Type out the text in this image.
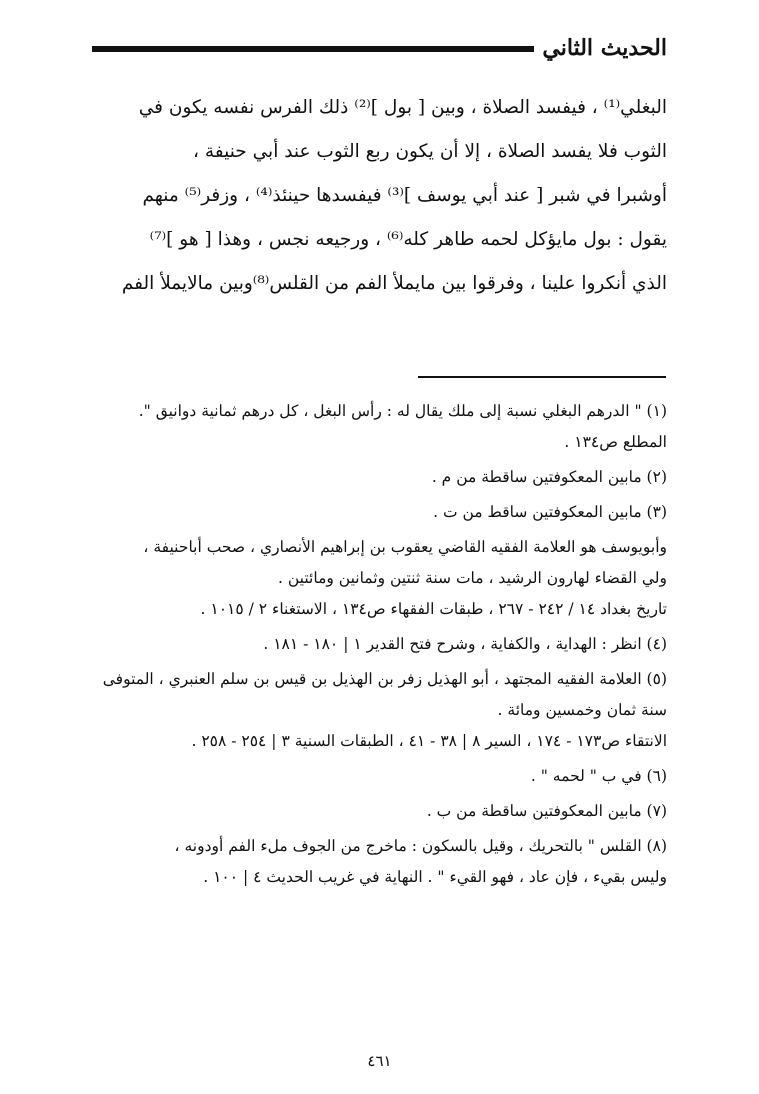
الحديث الثاني
البغلي⁽¹⁾ ، فيفسد الصلاة ، وبين [ بول ]⁽²⁾ ذلك الفرس نفسه يكون في
الثوب فلا يفسد الصلاة ، إلا أن يكون ربع الثوب عند أبي حنيفة ،
أوشبرا في شبر [ عند أبي يوسف ]⁽³⁾ فيفسدها حينئذ⁽⁴⁾ ، وزفر⁽⁵⁾ منهم
يقول : بول مايؤكل لحمه طاهر كله⁽⁶⁾ ، ورجيعه نجس ، وهذا [ هو ]⁽⁷⁾
الذي أنكروا علينا ، وفرقوا بين مايملأ الفم من القلس⁽⁸⁾وبين مالايملأ الفم
(١) " الدرهم البغلي نسبة إلى ملك يقال له : رأس البغل ، كل درهم ثمانية دوانيق ".
المطلع ص١٣٤ .
(٢) مابين المعكوفتين ساقطة من م .
(٣) مابين المعكوفتين ساقط من ت .
وأبويوسف هو العلامة الفقيه القاضي يعقوب بن إبراهيم الأنصاري ، صحب أباحنيفة ،
ولي القضاء لهارون الرشيد ، مات سنة ثنتين وثمانين ومائتين .
تاريخ بغداد ١٤ / ٢٤٢ - ٢٦٧ ، طبقات الفقهاء ص١٣٤ ، الاستغناء ٢ / ١٠١٥ .
(٤) انظر : الهداية ، والكفاية ، وشرح فتح القدير ١ | ١٨٠ - ١٨١ .
(٥) العلامة الفقيه المجتهد ، أبو الهذيل زفر بن الهذيل بن قيس بن سلم العنبري ، المتوفى
سنة ثمان وخمسين ومائة .
الانتقاء ص١٧٣ - ١٧٤ ، السير ٨ | ٣٨ - ٤١ ، الطبقات السنية ٣ | ٢٥٤ - ٢٥٨ .
(٦) في ب " لحمه " .
(٧) مابين المعكوفتين ساقطة من ب .
(٨) القلس " بالتحريك ، وقيل بالسكون : ماخرج من الجوف ملء الفم أودونه ،
وليس بقيء ، فإن عاد ، فهو القيء " . النهاية في غريب الحديث ٤ | ١٠٠ .
٤٦١
